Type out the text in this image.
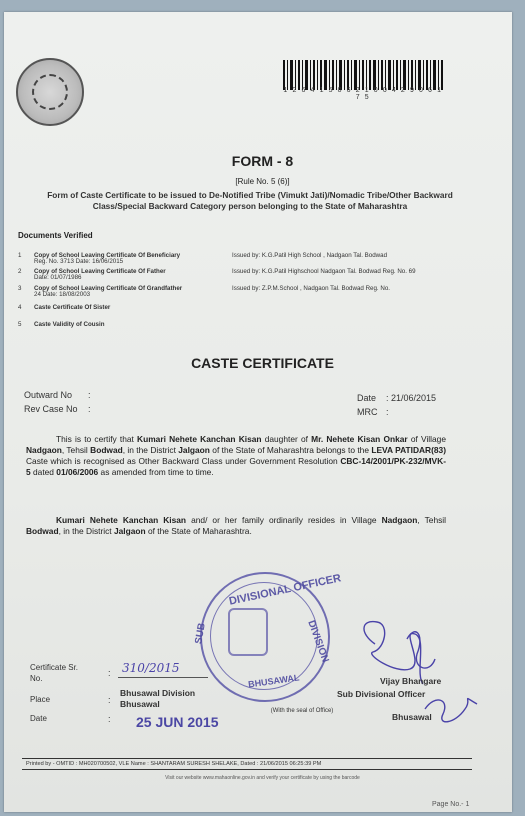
1 2 6 4 1 5 0 6 2 1 0 0 4 2 9 0 6 1 7 5
FORM - 8
[Rule No. 5 (6)]
Form of Caste Certificate to be issued to De-Notified Tribe (Vimukt Jati)/Nomadic Tribe/Other Backward Class/Special Backward Category person belonging to the State of Maharashtra
Documents Verified
1 Copy of School Leaving Certificate Of Beneficiary
Reg. No. 3713 Date: 16/06/2015
Issued by: K.G.Patil High School , Nadgaon Tal. Bodwad
2 Copy of School Leaving Certificate Of Father
Date: 01/07/1986
Issued by: K.G.Patil Highschool Nadgaon Tal. Bodwad Reg. No. 69
3 Copy of School Leaving Certificate Of Grandfather
24 Date: 18/08/2003
Issued by: Z.P.M.School , Nadgaon Tal. Bodwad Reg. No.
4 Caste Certificate Of Sister
5 Caste Validity of Cousin
CASTE CERTIFICATE
Outward No :
Rev Case No :
Date : 21/06/2015
MRC :
This is to certify that Kumari Nehete Kanchan Kisan daughter of Mr. Nehete Kisan Onkar of Village Nadgaon, Tehsil Bodwad, in the District Jalgaon of the State of Maharashtra belongs to the LEVA PATIDAR(83) Caste which is recognised as Other Backward Class under Government Resolution CBC-14/2001/PK-232/MVK-5 dated 01/06/2006 as amended from time to time.
Kumari Nehete Kanchan Kisan and/ or her family ordinarily resides in Village Nadgaon, Tehsil Bodwad, in the District Jalgaon of the State of Maharashtra.
DIVISIONAL OFFICER
SUB	DIVISION
BHUSAWAL
Certificate Sr.
No.
: 310/2015
Place	:
Bhusawal Division
Bhusawal
Date	: 25 JUN 2015
(With the seal of Office)
Vijay Bhangare
Sub Divisional Officer
Bhusawal
Printed by - OMTID : MH020700502, VLE Name : SHANTARAM SURESH SHELAKE, Dated : 21/06/2015 06:25:39 PM
Visit our website www.mahaonline.gov.in and verify your certificate by using the barcode
Page No.- 1
